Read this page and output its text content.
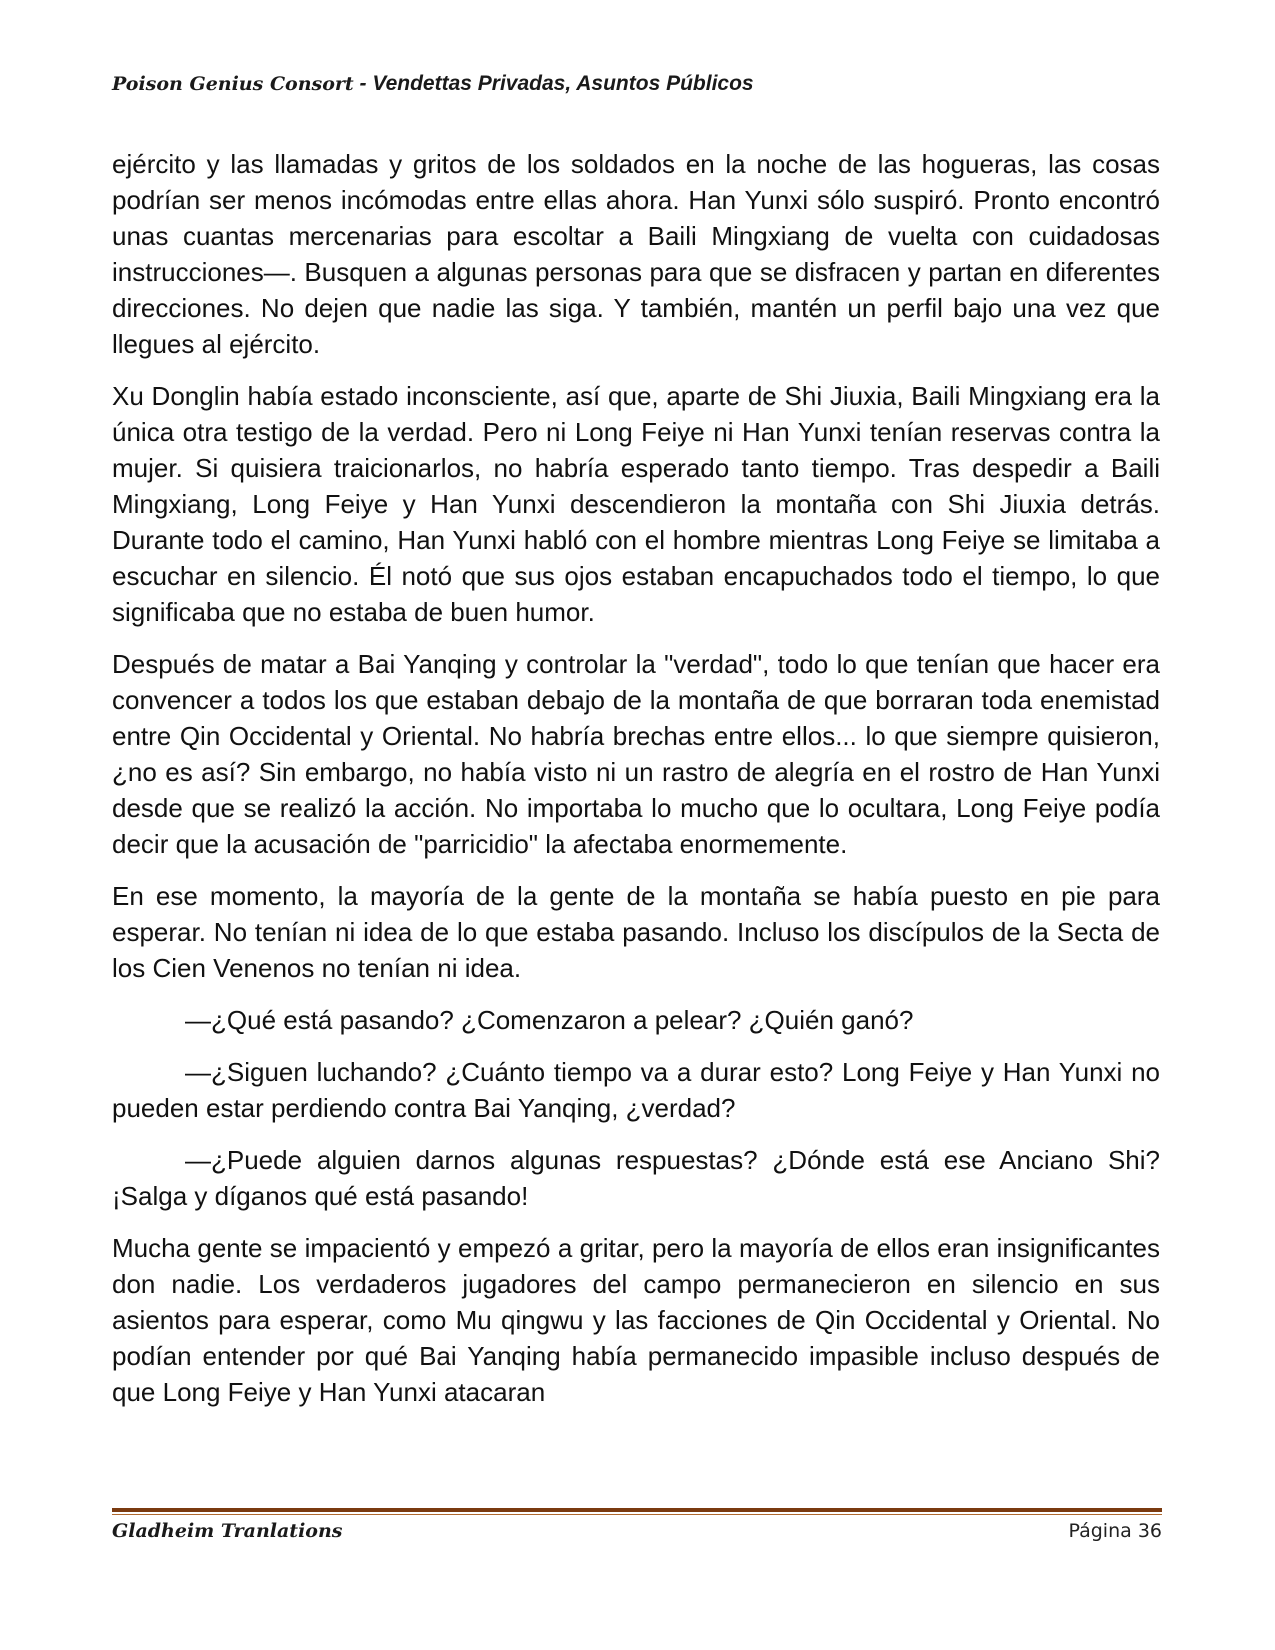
Poison Genius Consort - Vendettas Privadas, Asuntos Públicos

ejército y las llamadas y gritos de los soldados en la noche de las hogueras, las cosas podrían ser menos incómodas entre ellas ahora. Han Yunxi sólo suspiró. Pronto encontró unas cuantas mercenarias para escoltar a Baili Mingxiang de vuelta con cuidadosas instrucciones—. Busquen a algunas personas para que se disfracen y partan en diferentes direcciones. No dejen que nadie las siga. Y también, mantén un perfil bajo una vez que llegues al ejército.

Xu Donglin había estado inconsciente, así que, aparte de Shi Jiuxia, Baili Mingxiang era la única otra testigo de la verdad. Pero ni Long Feiye ni Han Yunxi tenían reservas contra la mujer. Si quisiera traicionarlos, no habría esperado tanto tiempo. Tras despedir a Baili Mingxiang, Long Feiye y Han Yunxi descendieron la montaña con Shi Jiuxia detrás. Durante todo el camino, Han Yunxi habló con el hombre mientras Long Feiye se limitaba a escuchar en silencio. Él notó que sus ojos estaban encapuchados todo el tiempo, lo que significaba que no estaba de buen humor.

Después de matar a Bai Yanqing y controlar la "verdad", todo lo que tenían que hacer era convencer a todos los que estaban debajo de la montaña de que borraran toda enemistad entre Qin Occidental y Oriental. No habría brechas entre ellos... lo que siempre quisieron, ¿no es así? Sin embargo, no había visto ni un rastro de alegría en el rostro de Han Yunxi desde que se realizó la acción. No importaba lo mucho que lo ocultara, Long Feiye podía decir que la acusación de "parricidio" la afectaba enormemente.

En ese momento, la mayoría de la gente de la montaña se había puesto en pie para esperar. No tenían ni idea de lo que estaba pasando. Incluso los discípulos de la Secta de los Cien Venenos no tenían ni idea.

—¿Qué está pasando? ¿Comenzaron a pelear? ¿Quién ganó?

—¿Siguen luchando? ¿Cuánto tiempo va a durar esto? Long Feiye y Han Yunxi no pueden estar perdiendo contra Bai Yanqing, ¿verdad?

—¿Puede alguien darnos algunas respuestas? ¿Dónde está ese Anciano Shi? ¡Salga y díganos qué está pasando!

Mucha gente se impacientó y empezó a gritar, pero la mayoría de ellos eran insignificantes don nadie. Los verdaderos jugadores del campo permanecieron en silencio en sus asientos para esperar, como Mu qingwu y las facciones de Qin Occidental y Oriental. No podían entender por qué Bai Yanqing había permanecido impasible incluso después de que Long Feiye y Han Yunxi atacaran

Gladheim Tranlations	Página 36
